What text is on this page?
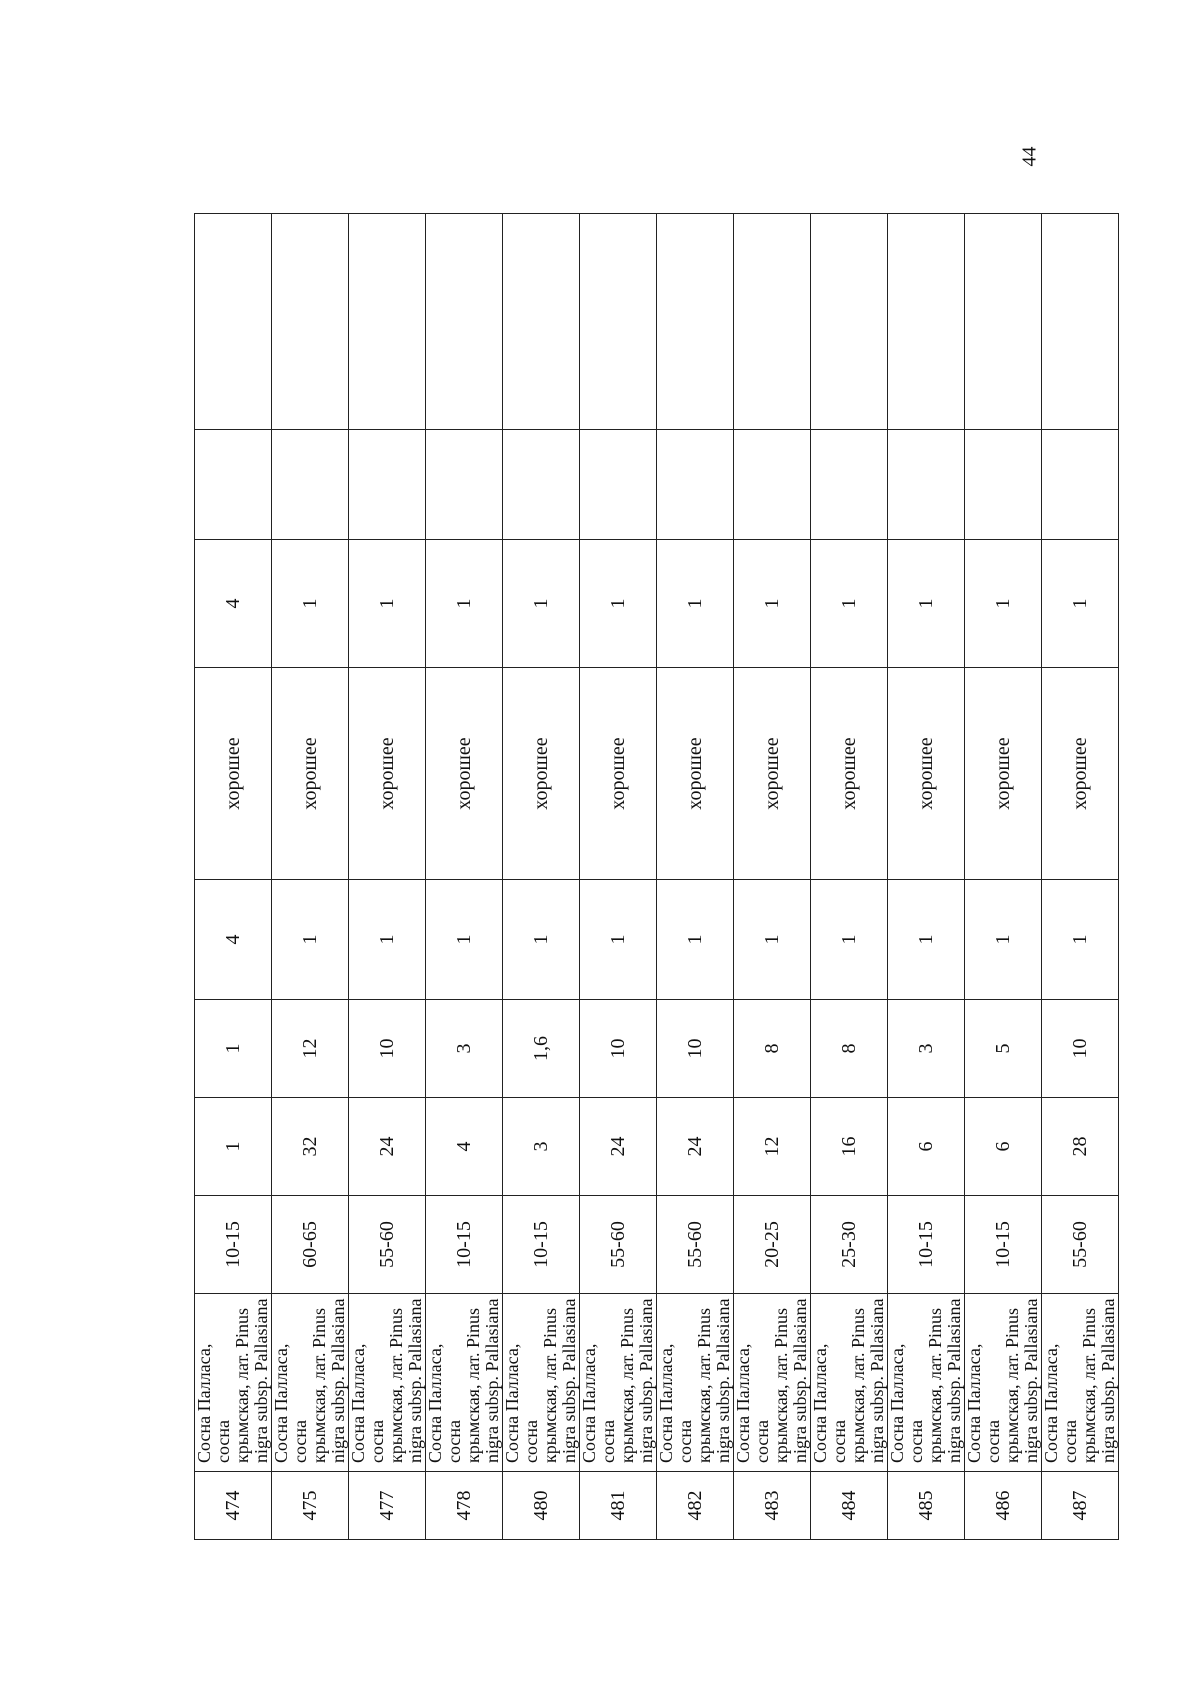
44
474	Сосна Палласа, сосна крымская, лат. Pinus nigra subsp. Pallasiana	10-15	1	1	4	хорошее	4		
475	Сосна Палласа, сосна крымская, лат. Pinus nigra subsp. Pallasiana	60-65	32	12	1	хорошее	1		
477	Сосна Палласа, сосна крымская, лат. Pinus nigra subsp. Pallasiana	55-60	24	10	1	хорошее	1		
478	Сосна Палласа, сосна крымская, лат. Pinus nigra subsp. Pallasiana	10-15	4	3	1	хорошее	1		
480	Сосна Палласа, сосна крымская, лат. Pinus nigra subsp. Pallasiana	10-15	3	1,6	1	хорошее	1		
481	Сосна Палласа, сосна крымская, лат. Pinus nigra subsp. Pallasiana	55-60	24	10	1	хорошее	1		
482	Сосна Палласа, сосна крымская, лат. Pinus nigra subsp. Pallasiana	55-60	24	10	1	хорошее	1		
483	Сосна Палласа, сосна крымская, лат. Pinus nigra subsp. Pallasiana	20-25	12	8	1	хорошее	1		
484	Сосна Палласа, сосна крымская, лат. Pinus nigra subsp. Pallasiana	25-30	16	8	1	хорошее	1		
485	Сосна Палласа, сосна крымская, лат. Pinus nigra subsp. Pallasiana	10-15	6	3	1	хорошее	1		
486	Сосна Палласа, сосна крымская, лат. Pinus nigra subsp. Pallasiana	10-15	6	5	1	хорошее	1		
487	Сосна Палласа, сосна крымская, лат. Pinus nigra subsp. Pallasiana	55-60	28	10	1	хорошее	1		
